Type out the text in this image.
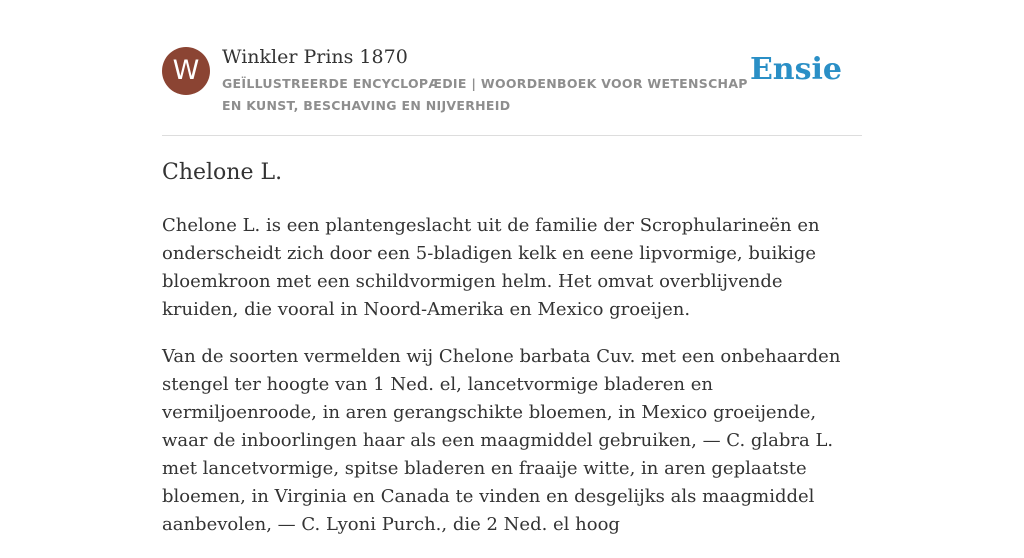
W	Winkler Prins 1870
GEÏLLUSTREERDE ENCYCLOPÆDIE | WOORDENBOEK VOOR WETENSCHAP EN KUNST, BESCHAVING EN NIJVERHEID
Ensie
Chelone L.

Chelone L. is een plantengeslacht uit de familie der Scrophularineën en onderscheidt zich door een 5-bladigen kelk en eene lipvormige, buikige bloemkroon met een schildvormigen helm. Het omvat overblijvende kruiden, die vooral in Noord-Amerika en Mexico groeijen.

Van de soorten vermelden wij Chelone barbata Cuv. met een onbehaarden stengel ter hoogte van 1 Ned. el, lancetvormige bladeren en vermiljoenroode, in aren gerangschikte bloemen, in Mexico groeijende, waar de inboorlingen haar als een maagmiddel gebruiken, — C. glabra L. met lancetvormige, spitse bladeren en fraaije witte, in aren geplaatste bloemen, in Virginia en Canada te vinden en desgelijks als maagmiddel aanbevolen, — C. Lyoni Purch., die 2 Ned. el hoog
